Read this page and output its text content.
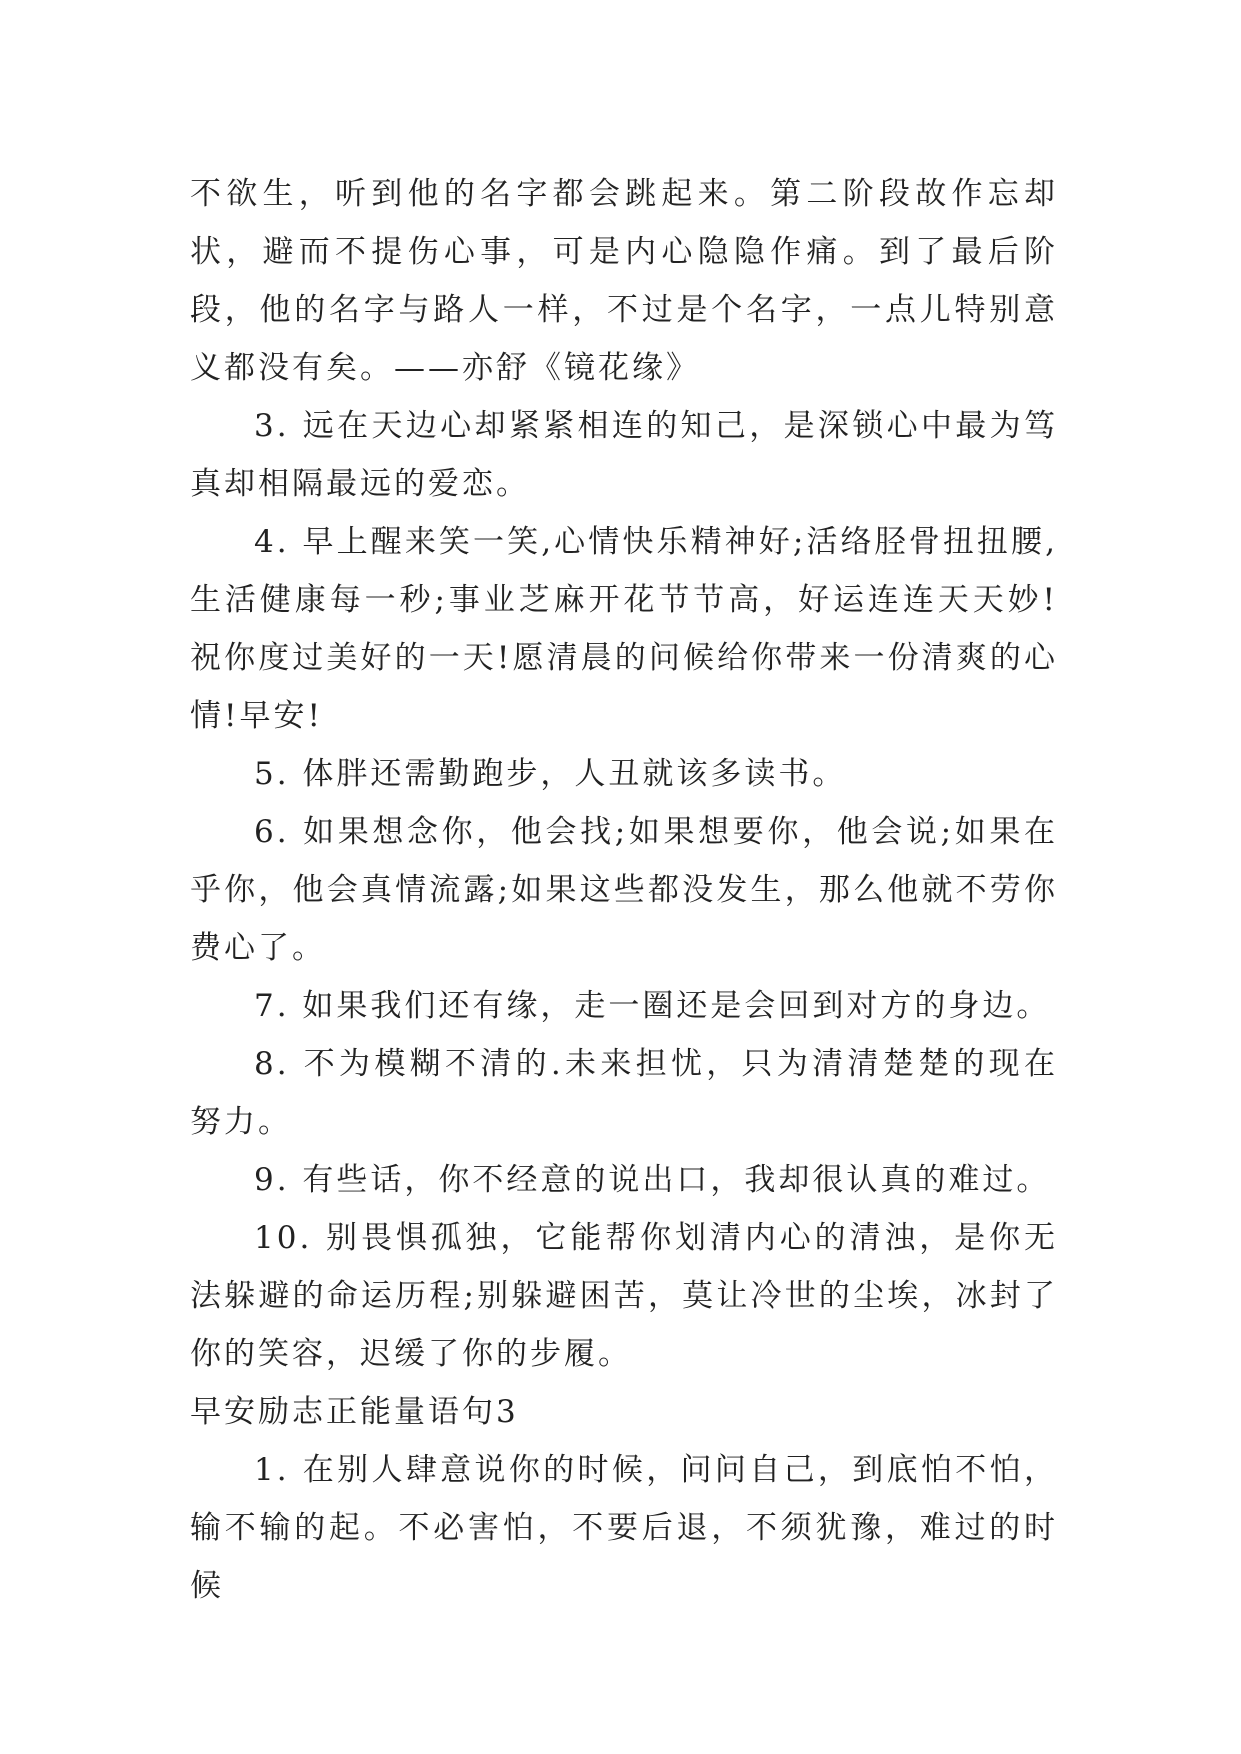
不欲生，听到他的名字都会跳起来。第二阶段故作忘却状，避而不提伤心事，可是内心隐隐作痛。到了最后阶段，他的名字与路人一样，不过是个名字，一点儿特别意义都没有矣。——亦舒《镜花缘》

3. 远在天边心却紧紧相连的知己，是深锁心中最为笃真却相隔最远的爱恋。

4. 早上醒来笑一笑,心情快乐精神好;活络胫骨扭扭腰,生活健康每一秒;事业芝麻开花节节高，好运连连天天妙!祝你度过美好的一天!愿清晨的问候给你带来一份清爽的心情!早安!

5. 体胖还需勤跑步，人丑就该多读书。

6. 如果想念你，他会找;如果想要你，他会说;如果在乎你，他会真情流露;如果这些都没发生，那么他就不劳你费心了。

7. 如果我们还有缘，走一圈还是会回到对方的身边。

8. 不为模糊不清的.未来担忧，只为清清楚楚的现在努力。

9. 有些话，你不经意的说出口，我却很认真的难过。

10. 别畏惧孤独，它能帮你划清内心的清浊，是你无法躲避的命运历程;别躲避困苦，莫让冷世的尘埃，冰封了你的笑容，迟缓了你的步履。

早安励志正能量语句3

1. 在别人肆意说你的时候，问问自己，到底怕不怕，输不输的起。不必害怕，不要后退，不须犹豫，难过的时候
